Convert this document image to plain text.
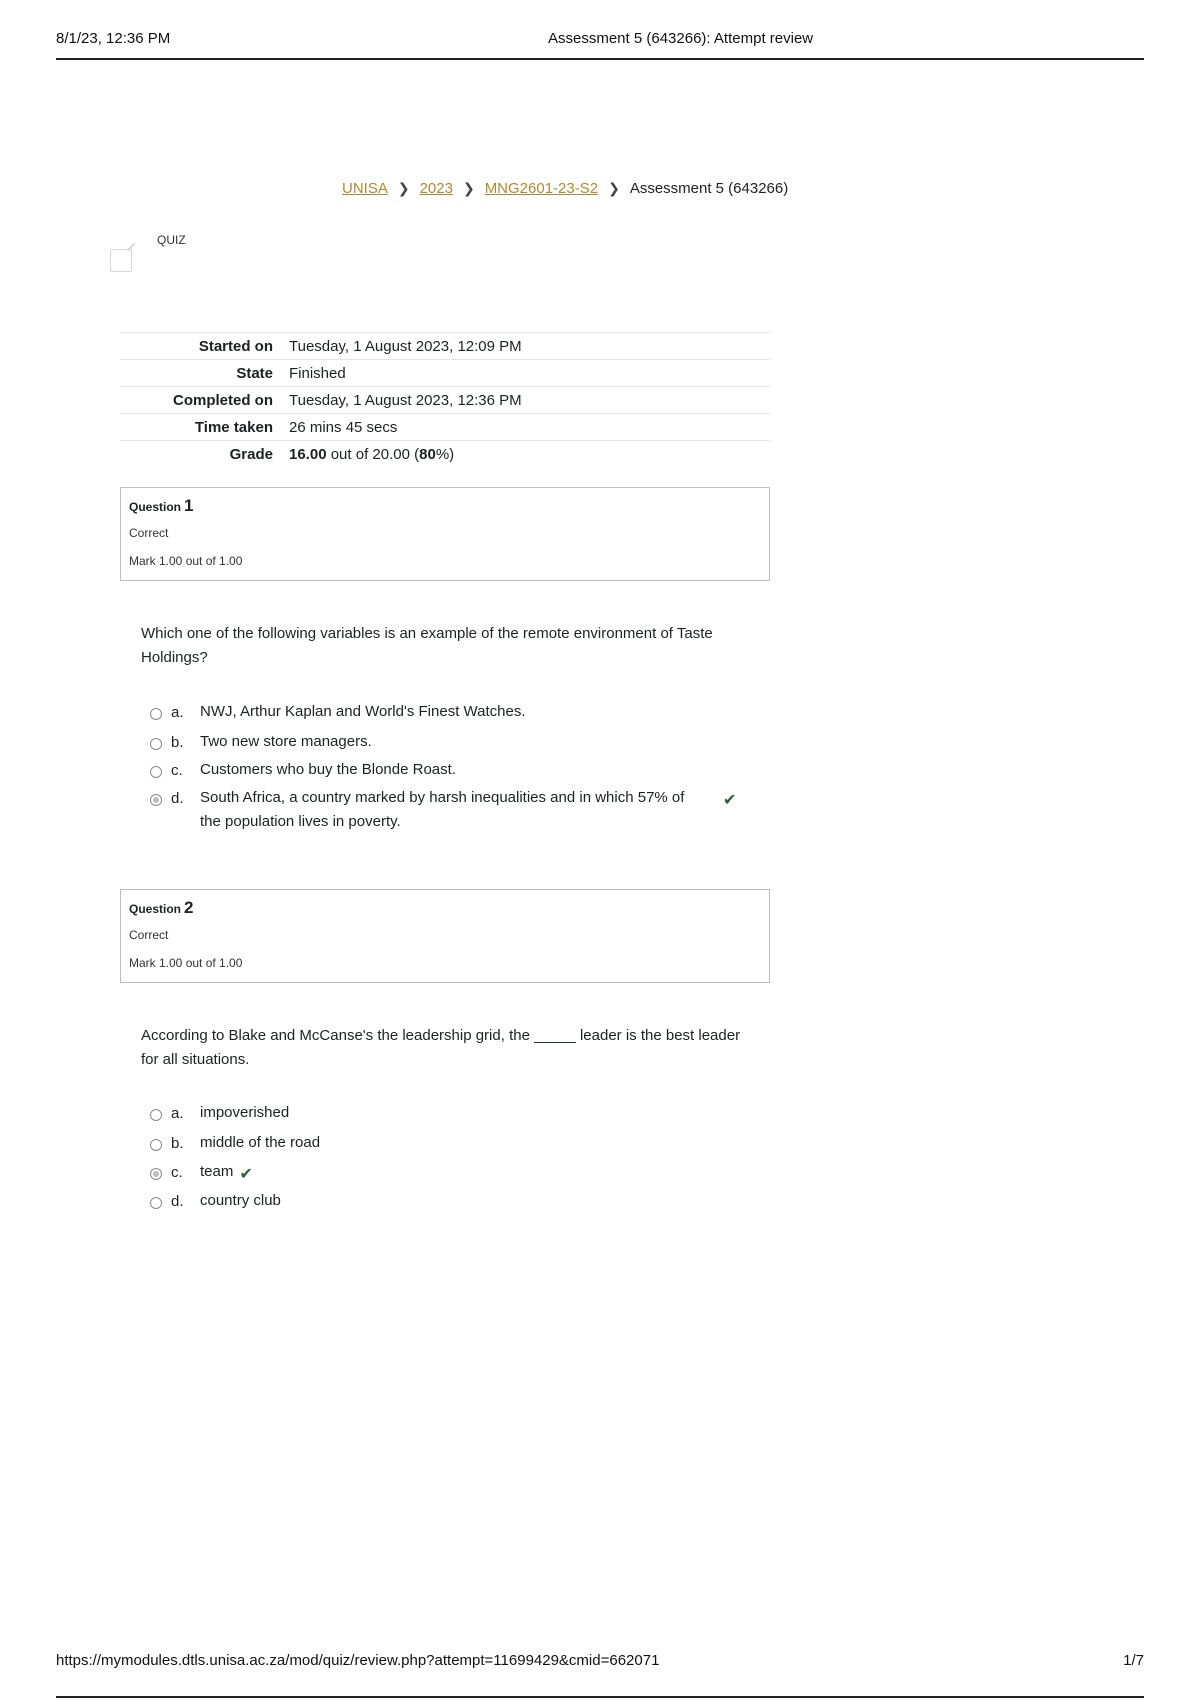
8/1/23, 12:36 PM	Assessment 5 (643266): Attempt review
UNISA ❯ 2023 ❯ MNG2601-23-S2 ❯ Assessment 5 (643266)
QUIZ
Started on	Tuesday, 1 August 2023, 12:09 PM
State	Finished
Completed on	Tuesday, 1 August 2023, 12:36 PM
Time taken	26 mins 45 secs
Grade	16.00 out of 20.00 (80%)
Question 1
Correct
Mark 1.00 out of 1.00
Which one of the following variables is an example of the remote environment of Taste Holdings?
a.	NWJ, Arthur Kaplan and World's Finest Watches.
b.	Two new store managers.
c.	Customers who buy the Blonde Roast.
d.	South Africa, a country marked by harsh inequalities and in which 57% of the population lives in poverty.
✔
Question 2
Correct
Mark 1.00 out of 1.00
According to Blake and McCanse's the leadership grid, the _____ leader is the best leader for all situations.
a.	impoverished
b.	middle of the road
c.	team ✔
d.	country club
https://mymodules.dtls.unisa.ac.za/mod/quiz/review.php?attempt=11699429&cmid=662071	1/7
